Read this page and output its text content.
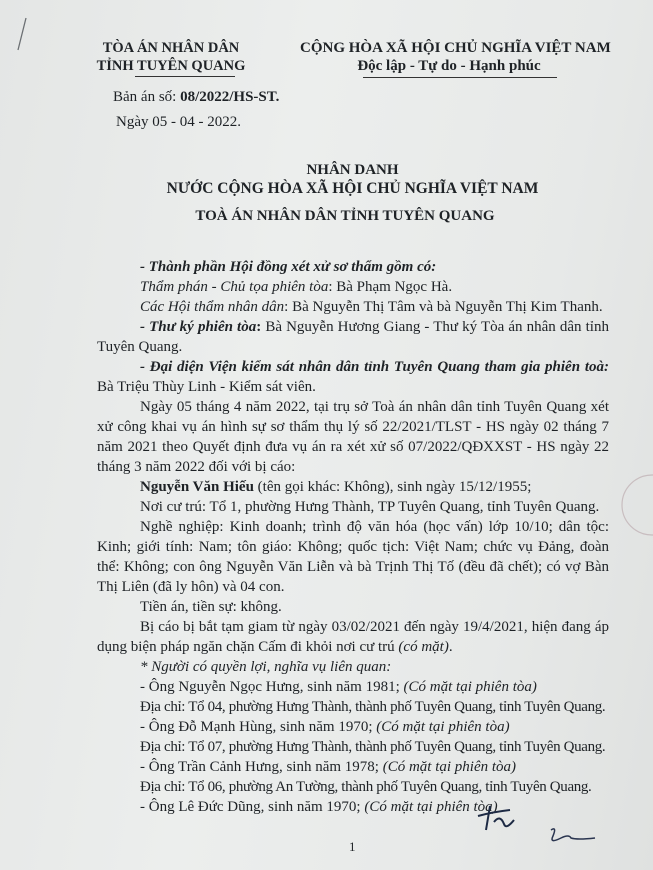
TÒA ÁN NHÂN DÂN
TỈNH TUYÊN QUANG
CỘNG HÒA XÃ HỘI CHỦ NGHĨA VIỆT NAM
Độc lập - Tự do - Hạnh phúc
Bản án số: 08/2022/HS-ST.
Ngày 05 - 04 - 2022.
NHÂN DANH
NƯỚC CỘNG HÒA XÃ HỘI CHỦ NGHĨA VIỆT NAM
TOÀ ÁN NHÂN DÂN TỈNH TUYÊN QUANG
- Thành phần Hội đồng xét xử sơ thẩm gồm có:
Thẩm phán - Chủ tọa phiên tòa: Bà Phạm Ngọc Hà.
Các Hội thẩm nhân dân: Bà Nguyễn Thị Tâm và bà Nguyễn Thị Kim Thanh.
- Thư ký phiên tòa: Bà Nguyễn Hương Giang - Thư ký Tòa án nhân dân tỉnh
Tuyên Quang.
- Đại diện Viện kiểm sát nhân dân tỉnh Tuyên Quang tham gia phiên toà:
Bà Triệu Thùy Linh - Kiểm sát viên.
Ngày 05 tháng 4 năm 2022, tại trụ sở Toà án nhân dân tỉnh Tuyên Quang xét
xử công khai vụ án hình sự sơ thẩm thụ lý số 22/2021/TLST - HS ngày 02 tháng 7
năm 2021 theo Quyết định đưa vụ án ra xét xử số 07/2022/QĐXXST - HS ngày 22
tháng 3 năm 2022 đối với bị cáo:
Nguyễn Văn Hiếu (tên gọi khác: Không), sinh ngày 15/12/1955;
Nơi cư trú: Tổ 1, phường Hưng Thành, TP Tuyên Quang, tỉnh Tuyên Quang.
Nghề nghiệp: Kinh doanh; trình độ văn hóa (học vấn) lớp 10/10; dân tộc:
Kinh; giới tính: Nam; tôn giáo: Không; quốc tịch: Việt Nam; chức vụ Đảng, đoàn
thể: Không; con ông Nguyễn Văn Liễn và bà Trịnh Thị Tố (đều đã chết); có vợ Bàn
Thị Liên (đã ly hôn) và 04 con.
Tiền án, tiền sự: không.
Bị cáo bị bắt tạm giam từ ngày 03/02/2021 đến ngày 19/4/2021, hiện đang áp
dụng biện pháp ngăn chặn Cấm đi khỏi nơi cư trú (có mặt).
* Người có quyền lợi, nghĩa vụ liên quan:
- Ông Nguyễn Ngọc Hưng, sinh năm 1981; (Có mặt tại phiên tòa)
Địa chỉ: Tổ 04, phường Hưng Thành, thành phố Tuyên Quang, tỉnh Tuyên Quang.
- Ông Đỗ Mạnh Hùng, sinh năm 1970; (Có mặt tại phiên tòa)
Địa chỉ: Tổ 07, phường Hưng Thành, thành phố Tuyên Quang, tỉnh Tuyên Quang.
- Ông Trần Cảnh Hưng, sinh năm 1978; (Có mặt tại phiên tòa)
Địa chỉ: Tổ 06, phường An Tường, thành phố Tuyên Quang, tỉnh Tuyên Quang.
- Ông Lê Đức Dũng, sinh năm 1970; (Có mặt tại phiên tòa)
1
